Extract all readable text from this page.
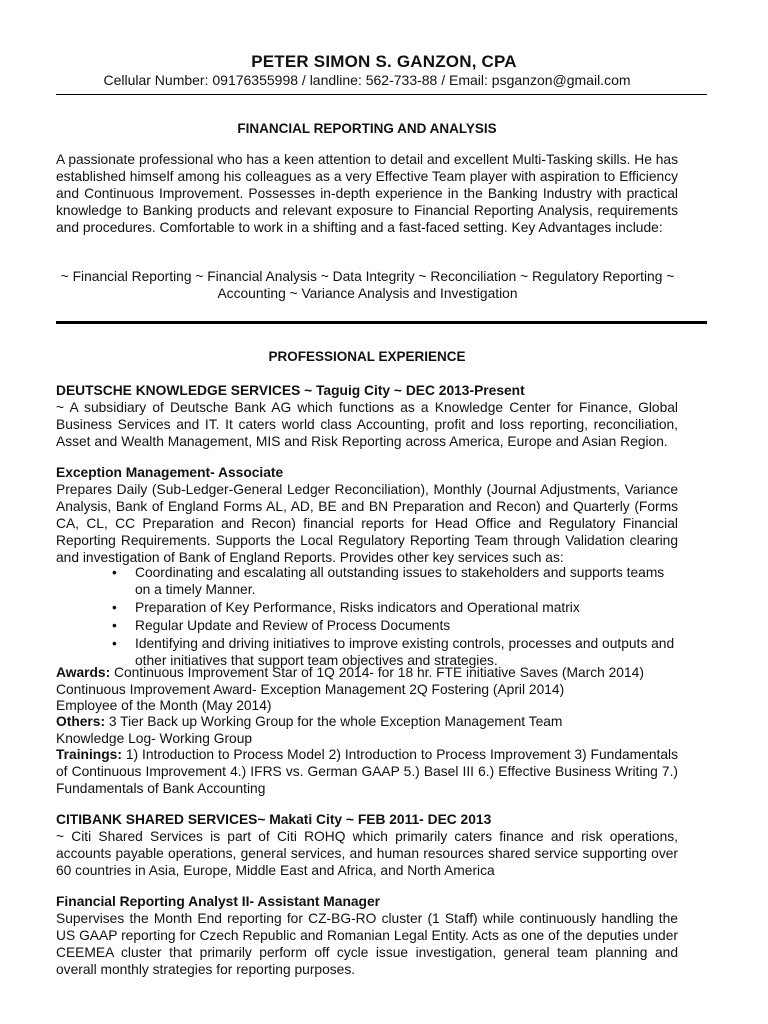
PETER SIMON S. GANZON, CPA
Cellular Number: 09176355998 / landline: 562-733-88 / Email: psganzon@gmail.com
FINANCIAL REPORTING AND ANALYSIS
A passionate professional who has a keen attention to detail and excellent Multi-Tasking skills. He has established himself among his colleagues as a very Effective Team player with aspiration to Efficiency and Continuous Improvement. Possesses in-depth experience in the Banking Industry with practical knowledge to Banking products and relevant exposure to Financial Reporting Analysis, requirements and procedures. Comfortable to work in a shifting and a fast-faced setting. Key Advantages include:
~ Financial Reporting ~ Financial Analysis ~ Data Integrity ~ Reconciliation ~ Regulatory Reporting ~ Accounting ~ Variance Analysis and Investigation
PROFESSIONAL EXPERIENCE
DEUTSCHE KNOWLEDGE SERVICES ~ Taguig City ~ DEC 2013-Present
~ A subsidiary of Deutsche Bank AG which functions as a Knowledge Center for Finance, Global Business Services and IT. It caters world class Accounting, profit and loss reporting, reconciliation, Asset and Wealth Management, MIS and Risk Reporting across America, Europe and Asian Region.
Exception Management- Associate
Prepares Daily (Sub-Ledger-General Ledger Reconciliation), Monthly (Journal Adjustments, Variance Analysis, Bank of England Forms AL, AD, BE and BN Preparation and Recon) and Quarterly (Forms CA, CL, CC Preparation and Recon) financial reports for Head Office and Regulatory Financial Reporting Requirements. Supports the Local Regulatory Reporting Team through Validation clearing and investigation of Bank of England Reports. Provides other key services such as:
• Coordinating and escalating all outstanding issues to stakeholders and supports teams on a timely Manner.
• Preparation of Key Performance, Risks indicators and Operational matrix
• Regular Update and Review of Process Documents
• Identifying and driving initiatives to improve existing controls, processes and outputs and other initiatives that support team objectives and strategies.
Awards: Continuous Improvement Star of 1Q 2014- for 18 hr. FTE initiative Saves (March 2014)
Continuous Improvement Award- Exception Management 2Q Fostering (April 2014)
Employee of the Month (May 2014)
Others: 3 Tier Back up Working Group for the whole Exception Management Team
Knowledge Log- Working Group
Trainings: 1) Introduction to Process Model 2) Introduction to Process Improvement 3) Fundamentals of Continuous Improvement 4.) IFRS vs. German GAAP 5.) Basel III 6.) Effective Business Writing 7.) Fundamentals of Bank Accounting
CITIBANK SHARED SERVICES~ Makati City ~ FEB 2011- DEC 2013
~ Citi Shared Services is part of Citi ROHQ which primarily caters finance and risk operations, accounts payable operations, general services, and human resources shared service supporting over 60 countries in Asia, Europe, Middle East and Africa, and North America
Financial Reporting Analyst II- Assistant Manager
Supervises the Month End reporting for CZ-BG-RO cluster (1 Staff) while continuously handling the US GAAP reporting for Czech Republic and Romanian Legal Entity. Acts as one of the deputies under CEEMEA cluster that primarily perform off cycle issue investigation, general team planning and overall monthly strategies for reporting purposes.
